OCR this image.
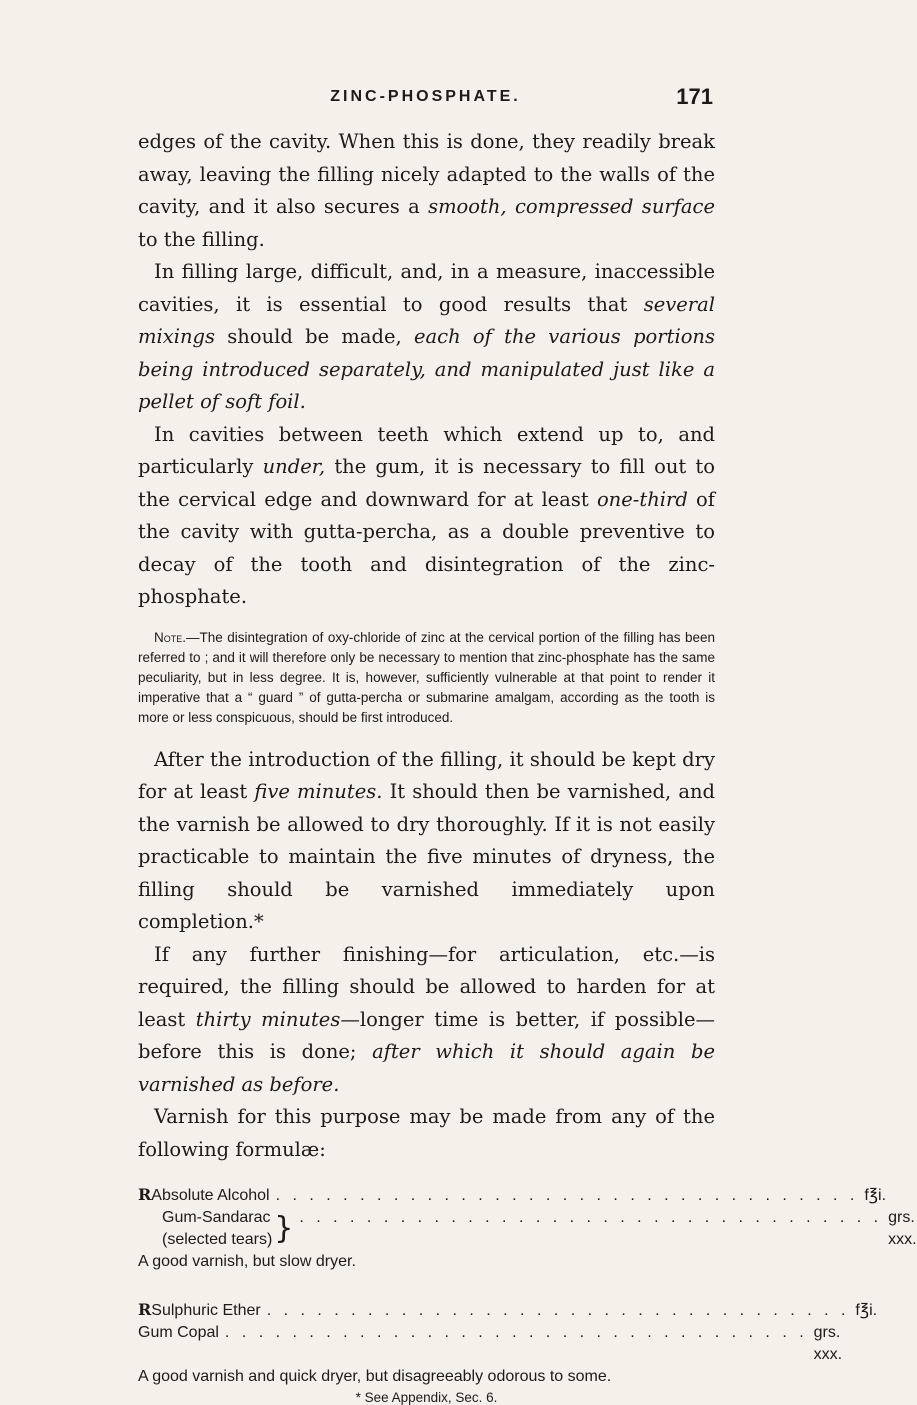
ZINC-PHOSPHATE.	171

edges of the cavity. When this is done, they readily break away, leaving the filling nicely adapted to the walls of the cavity, and it also secures a smooth, compressed surface to the filling.

In filling large, difficult, and, in a measure, inaccessible cavities, it is essential to good results that several mixings should be made, each of the various portions being introduced separately, and manipulated just like a pellet of soft foil.

In cavities between teeth which extend up to, and particularly under, the gum, it is necessary to fill out to the cervical edge and downward for at least one-third of the cavity with gutta-percha, as a double preventive to decay of the tooth and disintegration of the zinc-phosphate.

Note.—The disintegration of oxy-chloride of zinc at the cervical portion of the filling has been referred to ; and it will therefore only be necessary to mention that zinc-phosphate has the same peculiarity, but in less degree. It is, however, sufficiently vulnerable at that point to render it imperative that a “ guard ” of gutta-percha or submarine amalgam, according as the tooth is more or less conspicuous, should be first introduced.

After the introduction of the filling, it should be kept dry for at least five minutes. It should then be varnished, and the varnish be allowed to dry thoroughly. If it is not easily practicable to maintain the five minutes of dryness, the filling should be varnished immediately upon completion.*

If any further finishing—for articulation, etc.—is required, the filling should be allowed to harden for at least thirty minutes—longer time is better, if possible—before this is done; after which it should again be varnished as before.

Varnish for this purpose may be made from any of the following formulæ:

R Absolute Alcohol . . . . . . . . . . . . . . . . . . . . . . . . . . . . . . . . . . . f℥i.
Gum-Sandarac
(selected tears) } . . . . . . . . . . . . . . . . . . . . . . . . . . . . . . . . . . . grs. xxx.
A good varnish, but slow dryer.
R Sulphuric Ether . . . . . . . . . . . . . . . . . . . . . . . . . . . . . . . . . . . f℥i.
Gum Copal . . . . . . . . . . . . . . . . . . . . . . . . . . . . . . . . . . . grs. xxx.
A good varnish and quick dryer, but disagreeably odorous to some.
* See Appendix, Sec. 6.
